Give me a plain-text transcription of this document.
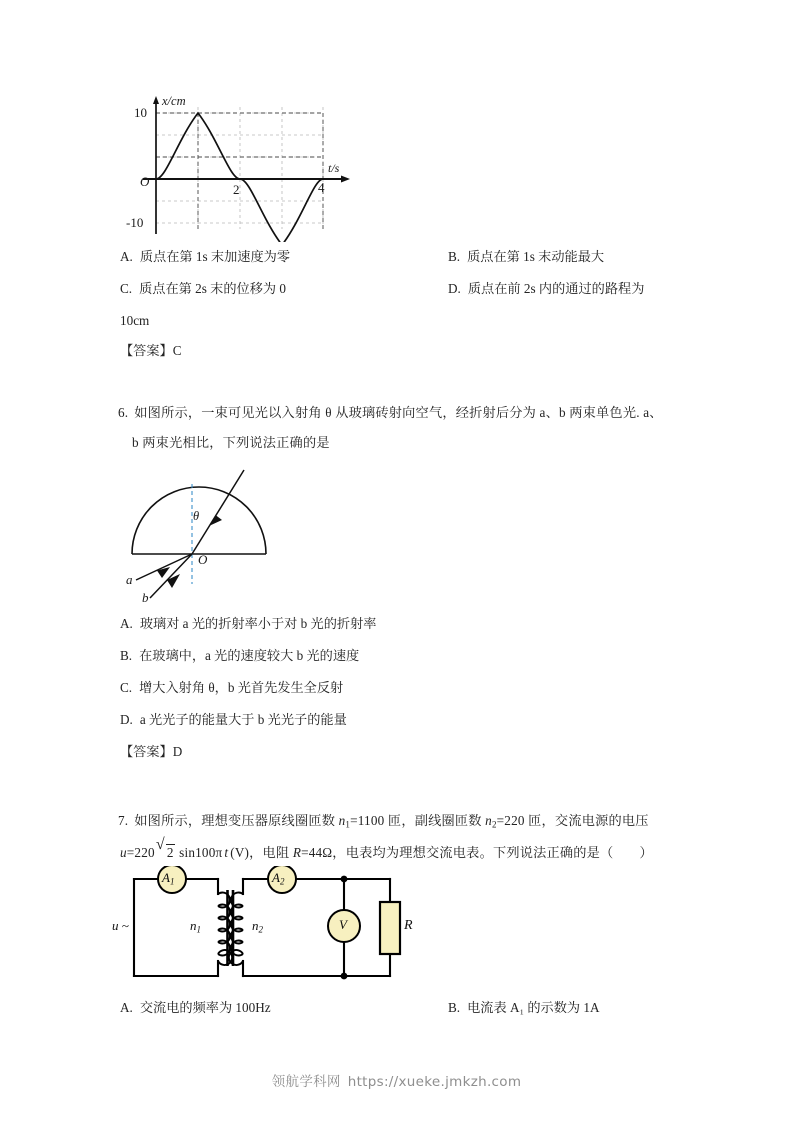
x/cm
t/s
10
-10
O
2	4
A. 质点在第 1s 末加速度为零	B. 质点在第 1s 末动能最大
C. 质点在第 2s 末的位移为 0	D. 质点在前 2s 内的通过的路程为
10cm
【答案】C
6. 如图所示，一束可见光以入射角 θ 从玻璃砖射向空气，经折射后分为 a、b 两束单色光. a、
b 两束光相比，下列说法正确的是
θ
O
a
b
A. 玻璃对 a 光的折射率小于对 b 光的折射率
B. 在玻璃中，a 光的速度较大 b 光的速度
C. 增大入射角 θ，b 光首先发生全反射
D. a 光光子的能量大于 b 光光子的能量
【答案】D
7. 如图所示，理想变压器原线圈匝数 $n_1=1100$ 匝，副线圈匝数 $n_2=220$ 匝，交流电源的电压
u=220 √ 2 sin100π t (V)，电阻 R=44Ω，电表均为理想交流电表。下列说法正确的是（ ）
$A_1$	$A_2$
V
u ~	$n_1$	$n_2$	R
A. 交流电的频率为 100Hz	B. 电流表 A₁ 的示数为 1A
领航学科网 https://xueke.jmkzh.com
